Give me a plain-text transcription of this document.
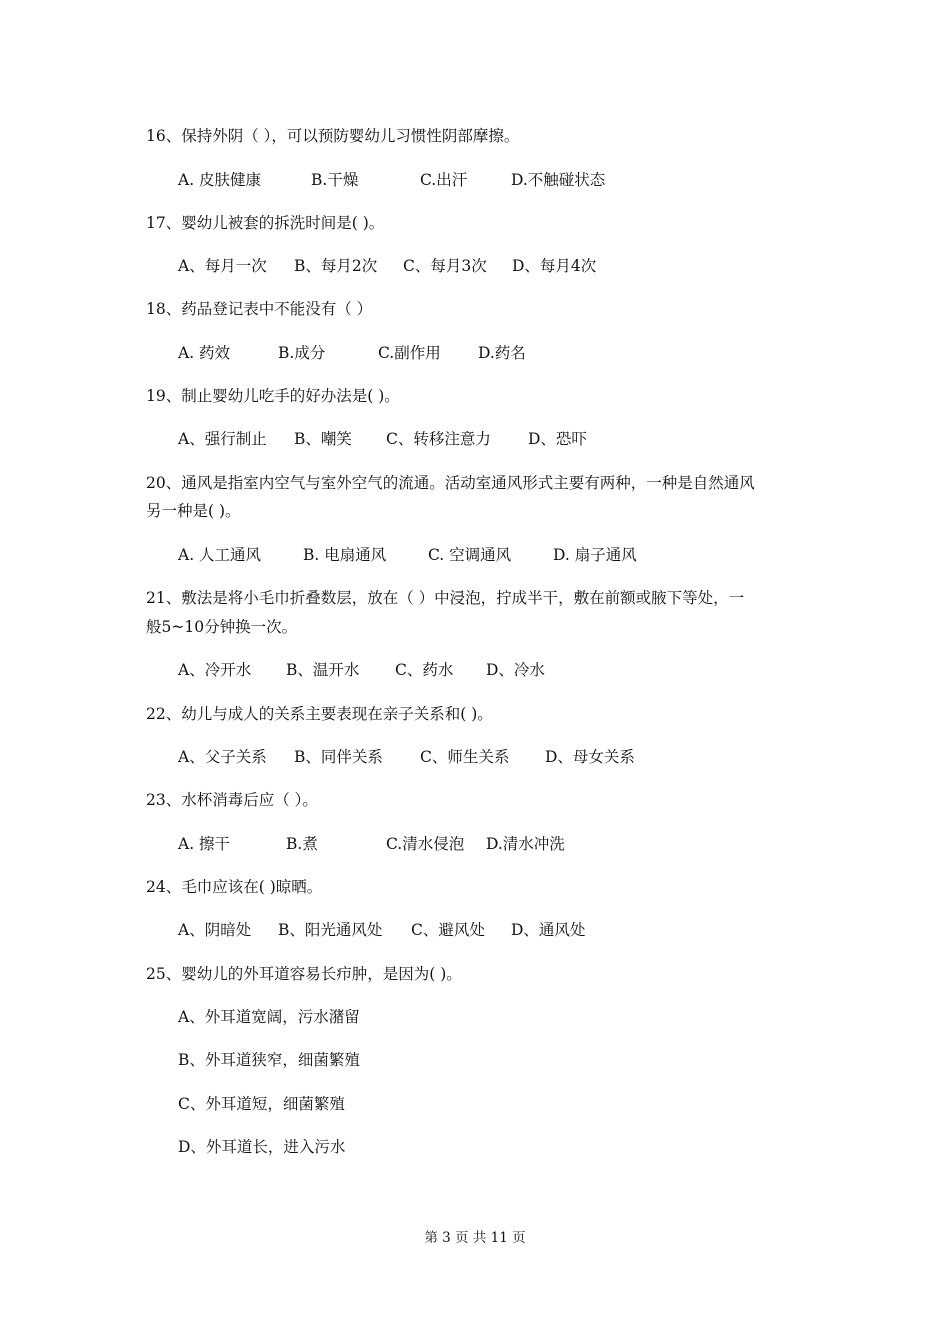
16、保持外阴（ ），可以预防婴幼儿习惯性阴部摩擦。
A. 皮肤健康	B.干燥	C.出汗	D.不触碰状态
17、婴幼儿被套的拆洗时间是( )。
A、每月一次 B、每月2次 C、每月3次 D、每月4次
18、药品登记表中不能没有（ ）
A. 药效	B.成分	C.副作用 D.药名
19、制止婴幼儿吃手的好办法是( )。
A、强行制止 B、嘲笑 C、转移注意力 D、恐吓
20、通风是指室内空气与室外空气的流通。活动室通风形式主要有两种，一种是自然通风
另一种是( )。
A. 人工通风	B. 电扇通风	C. 空调通风	D. 扇子通风
21、敷法是将小毛巾折叠数层，放在（ ）中浸泡，拧成半干，敷在前额或腋下等处，一
般5~10分钟换一次。
A、冷开水 B、温开水 C、药水 D、冷水
22、幼儿与成人的关系主要表现在亲子关系和( )。
A、父子关系 B、同伴关系 C、师生关系 D、母女关系
23、水杯消毒后应（ ）。
A. 擦干	B.煮	C.清水侵泡 D.清水冲洗
24、毛巾应该在( )晾晒。
A、阴暗处 B、阳光通风处 C、避风处 D、通风处
25、婴幼儿的外耳道容易长疖肿，是因为( )。
A、外耳道宽阔，污水潴留
B、外耳道狭窄，细菌繁殖
C、外耳道短，细菌繁殖
D、外耳道长，进入污水
第 3 页 共 11 页
